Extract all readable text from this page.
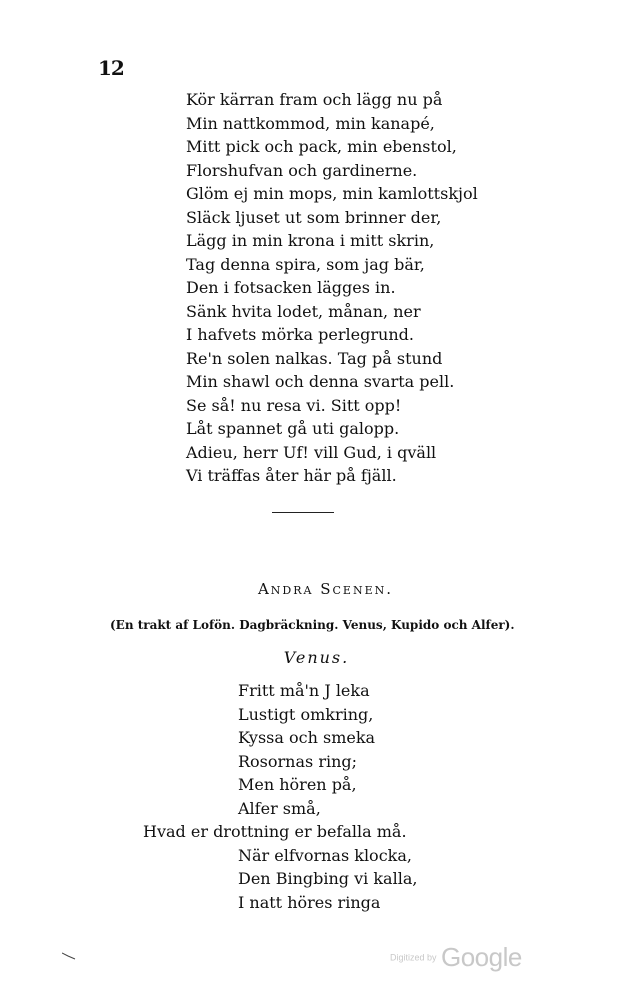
12
Kör kärran fram och lägg nu på
Min nattkommod, min kanapé,
Mitt pick och pack, min ebenstol,
Florshufvan och gardinerne.
Glöm ej min mops, min kamlottskjol
Släck ljuset ut som brinner der,
Lägg in min krona i mitt skrin,
Tag denna spira, som jag bär,
Den i fotsacken lägges in.
Sänk hvita lodet, månan, ner
I hafvets mörka perlegrund.
Re'n solen nalkas. Tag på stund
Min shawl och denna svarta pell.
Se så! nu resa vi. Sitt opp!
Låt spannet gå uti galopp.
Adieu, herr Uf! vill Gud, i qväll
Vi träffas åter här på fjäll.
Andra Scenen.
(En trakt af Lofön. Dagbräckning. Venus, Kupido och Alfer).
Venus.
Fritt må'n J leka
Lustigt omkring,
Kyssa och smeka
Rosornas ring;
Men hören på,
Alfer små,
Hvad er drottning er befalla må.
När elfvornas klocka,
Den Bingbing vi kalla,
I natt höres ringa
Digitized by Google
